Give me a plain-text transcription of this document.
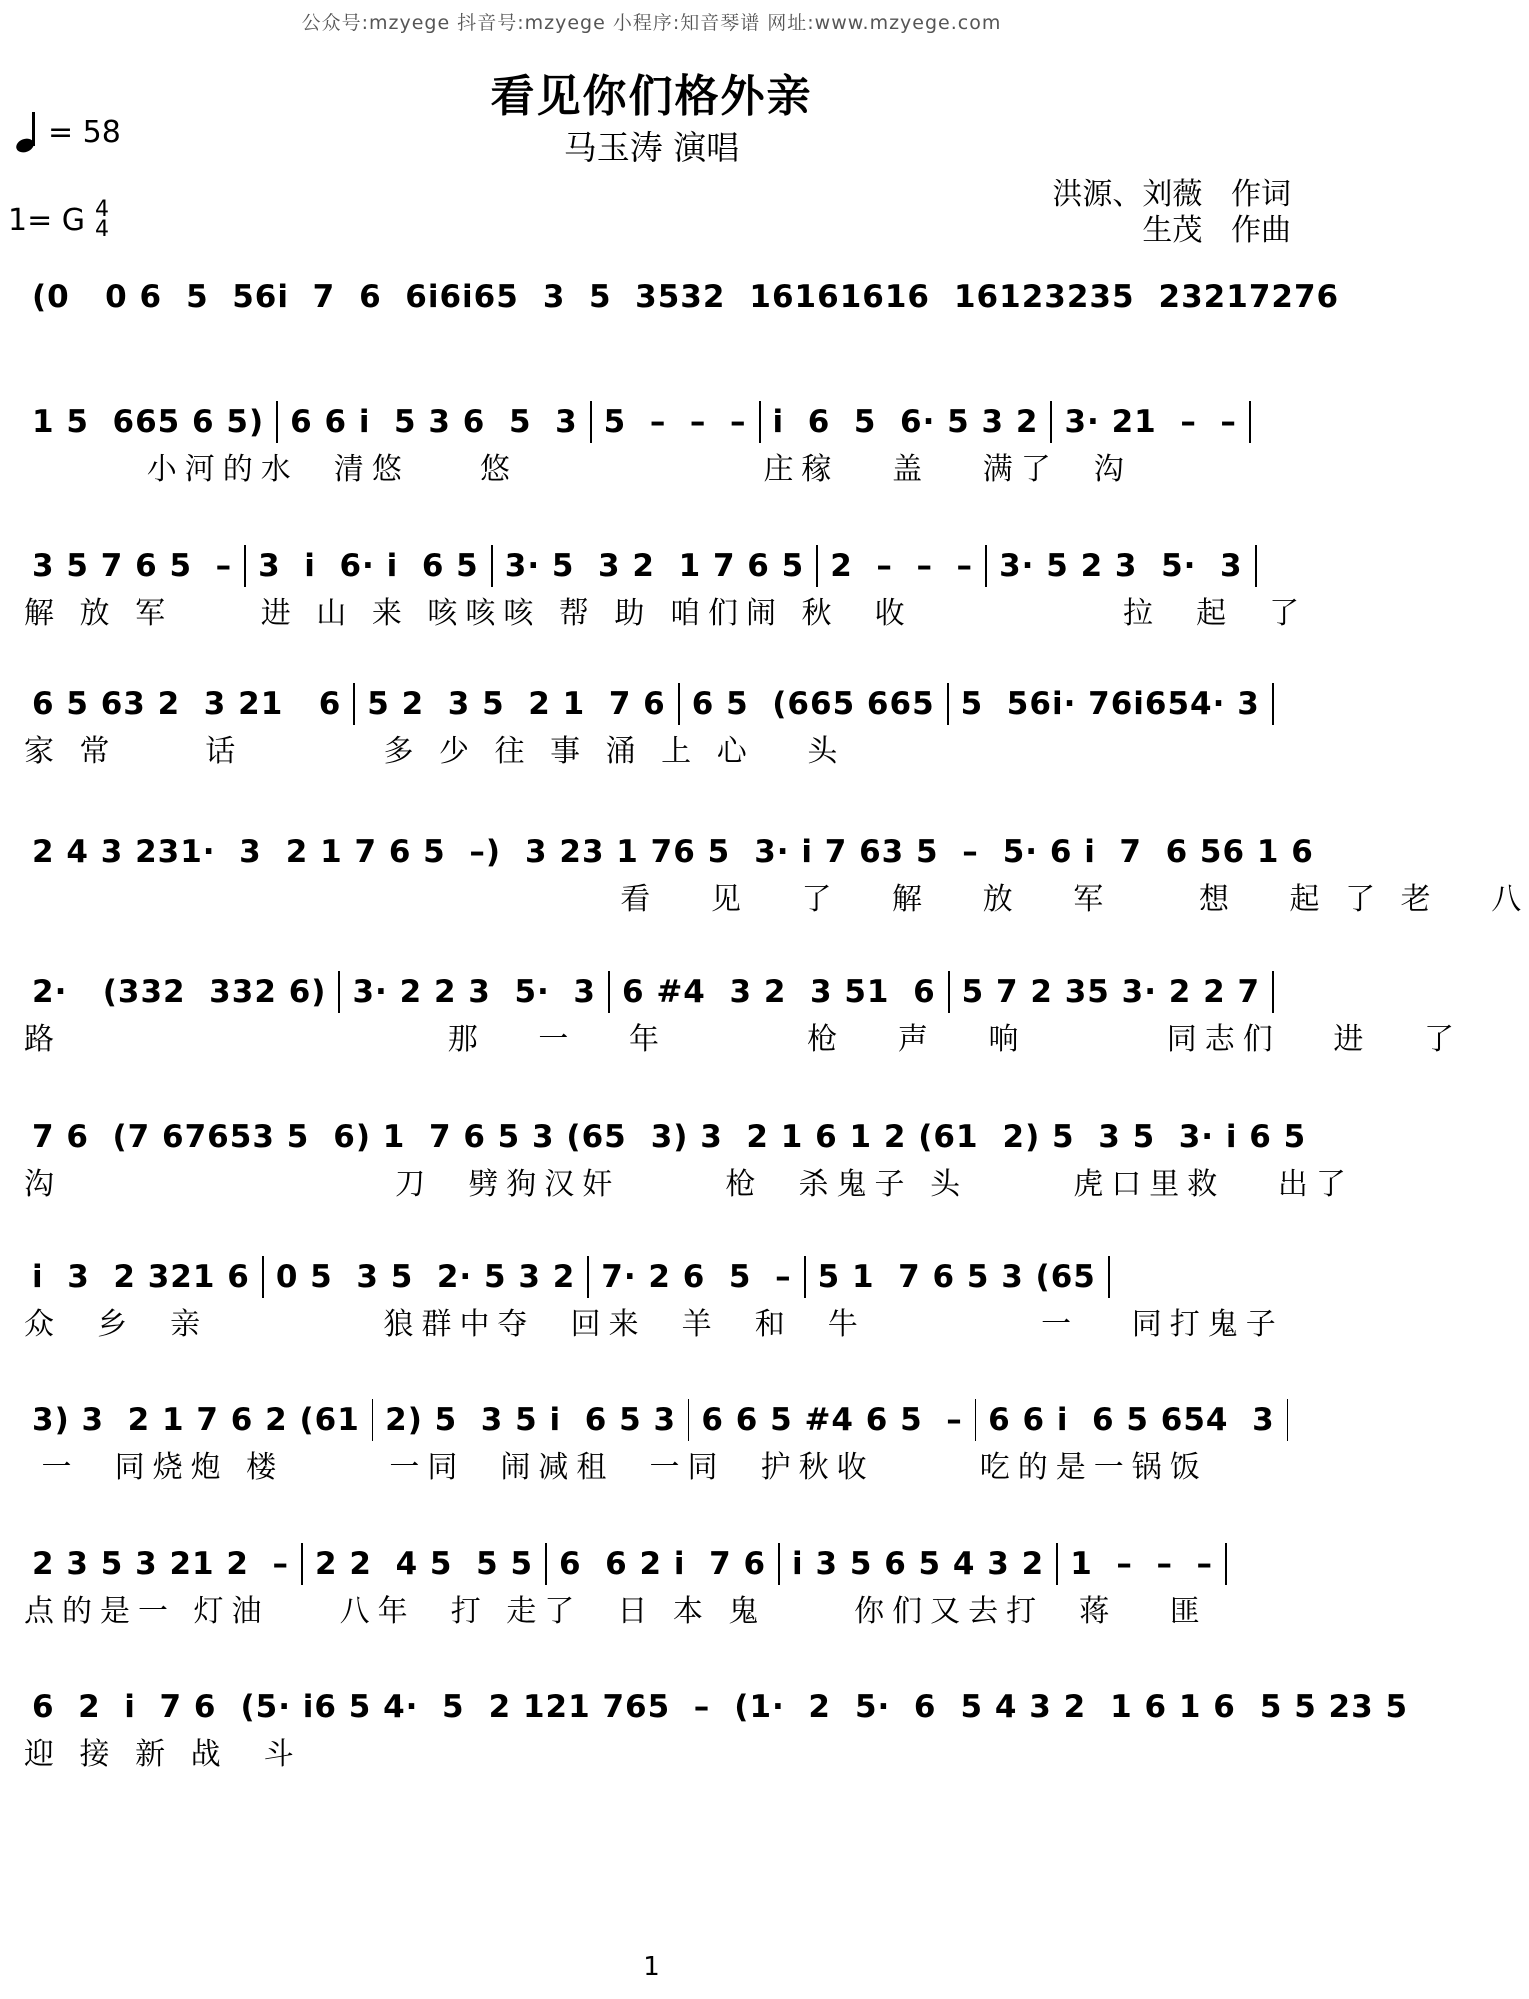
公众号:mzyege 抖音号:mzyege 小程序:知音琴谱 网址:www.mzyege.com
看见你们格外亲
马玉涛 演唱
= 58
1= G 4
4
洪源、刘薇   作词
生茂   作曲
(0   0 6 5  56i  7 6  6i6i65 3  5  3532 16161616 16123235 23217276
1 5  665 6 5) 6 6 i  5 3 6  5  3 5  –  –  – i  6  5  6· 5 3 2 3· 21  –  –
小河的水  清悠    悠              庄稼   盖   满了  沟
3 5 7 6 5  – 3  i  6· i  6 5 3· 5  3 2  1 7 6 5 2  –  –  – 3· 5 2 3  5·  3
解 放 军     进 山 来 咳咳咳 帮 助 咱们闹 秋  收            拉  起  了
6 5 63 2  3 21   6 5 2  3 5  2 1  7 6 6 5  (665 665 5  56i· 76i654· 3
家 常     话        多 少 往 事 涌 上 心   头
2 4 3 231·  3 2 1 7 6 5  –) 3 23 1 76 5 3· i 7 63 5  – 5· 6 i  7  6 56 1 6
看   见   了   解   放   军     想   起 了 老   八
2·   (332  332 6) 3· 2 2 3  5·  3 6 #4  3 2  3 51  6 5 7 2 35 3· 2 2 7
路                      那   一   年        枪   声   响        同志们   进   了
7 6  (7 67653 5 6) 1  7 6 5 3 (65 3) 3  2 1 6 1 2 (61 2) 5  3 5  3· i 6 5
沟                   刀  劈狗汉奸      枪  杀鬼子 头      虎口里救   出了
i  3  2 321 6 0 5  3 5  2· 5 3 2 7· 2 6  5  – 5 1  7 6 5 3 (65
众  乡  亲          狼群中夺  回来  羊  和  牛          一   同打鬼子
3) 3  2 1 7 6 2 (61 2) 5  3 5 i  6 5 3 6 6 5 #4 6 5  – 6 6 i  6 5 654  3
一  同烧炮 楼      一同  闹减租  一同  护秋收      吃的是一锅饭
2 3 5 3 21 2  – 2 2  4 5  5 5 6  6 2 i  7 6 i 3 5 6 5 4 3 2 1  –  –  –
点的是一 灯油    八年  打 走了  日 本 鬼     你们又去打  蒋   匪
6  2  i  7 6 (5· i6 5 4·  5 2 121 765  – (1·  2 5·  6 5 4 3 2 1 6 1 6 5 5 23 5
迎 接 新 战  斗
1
